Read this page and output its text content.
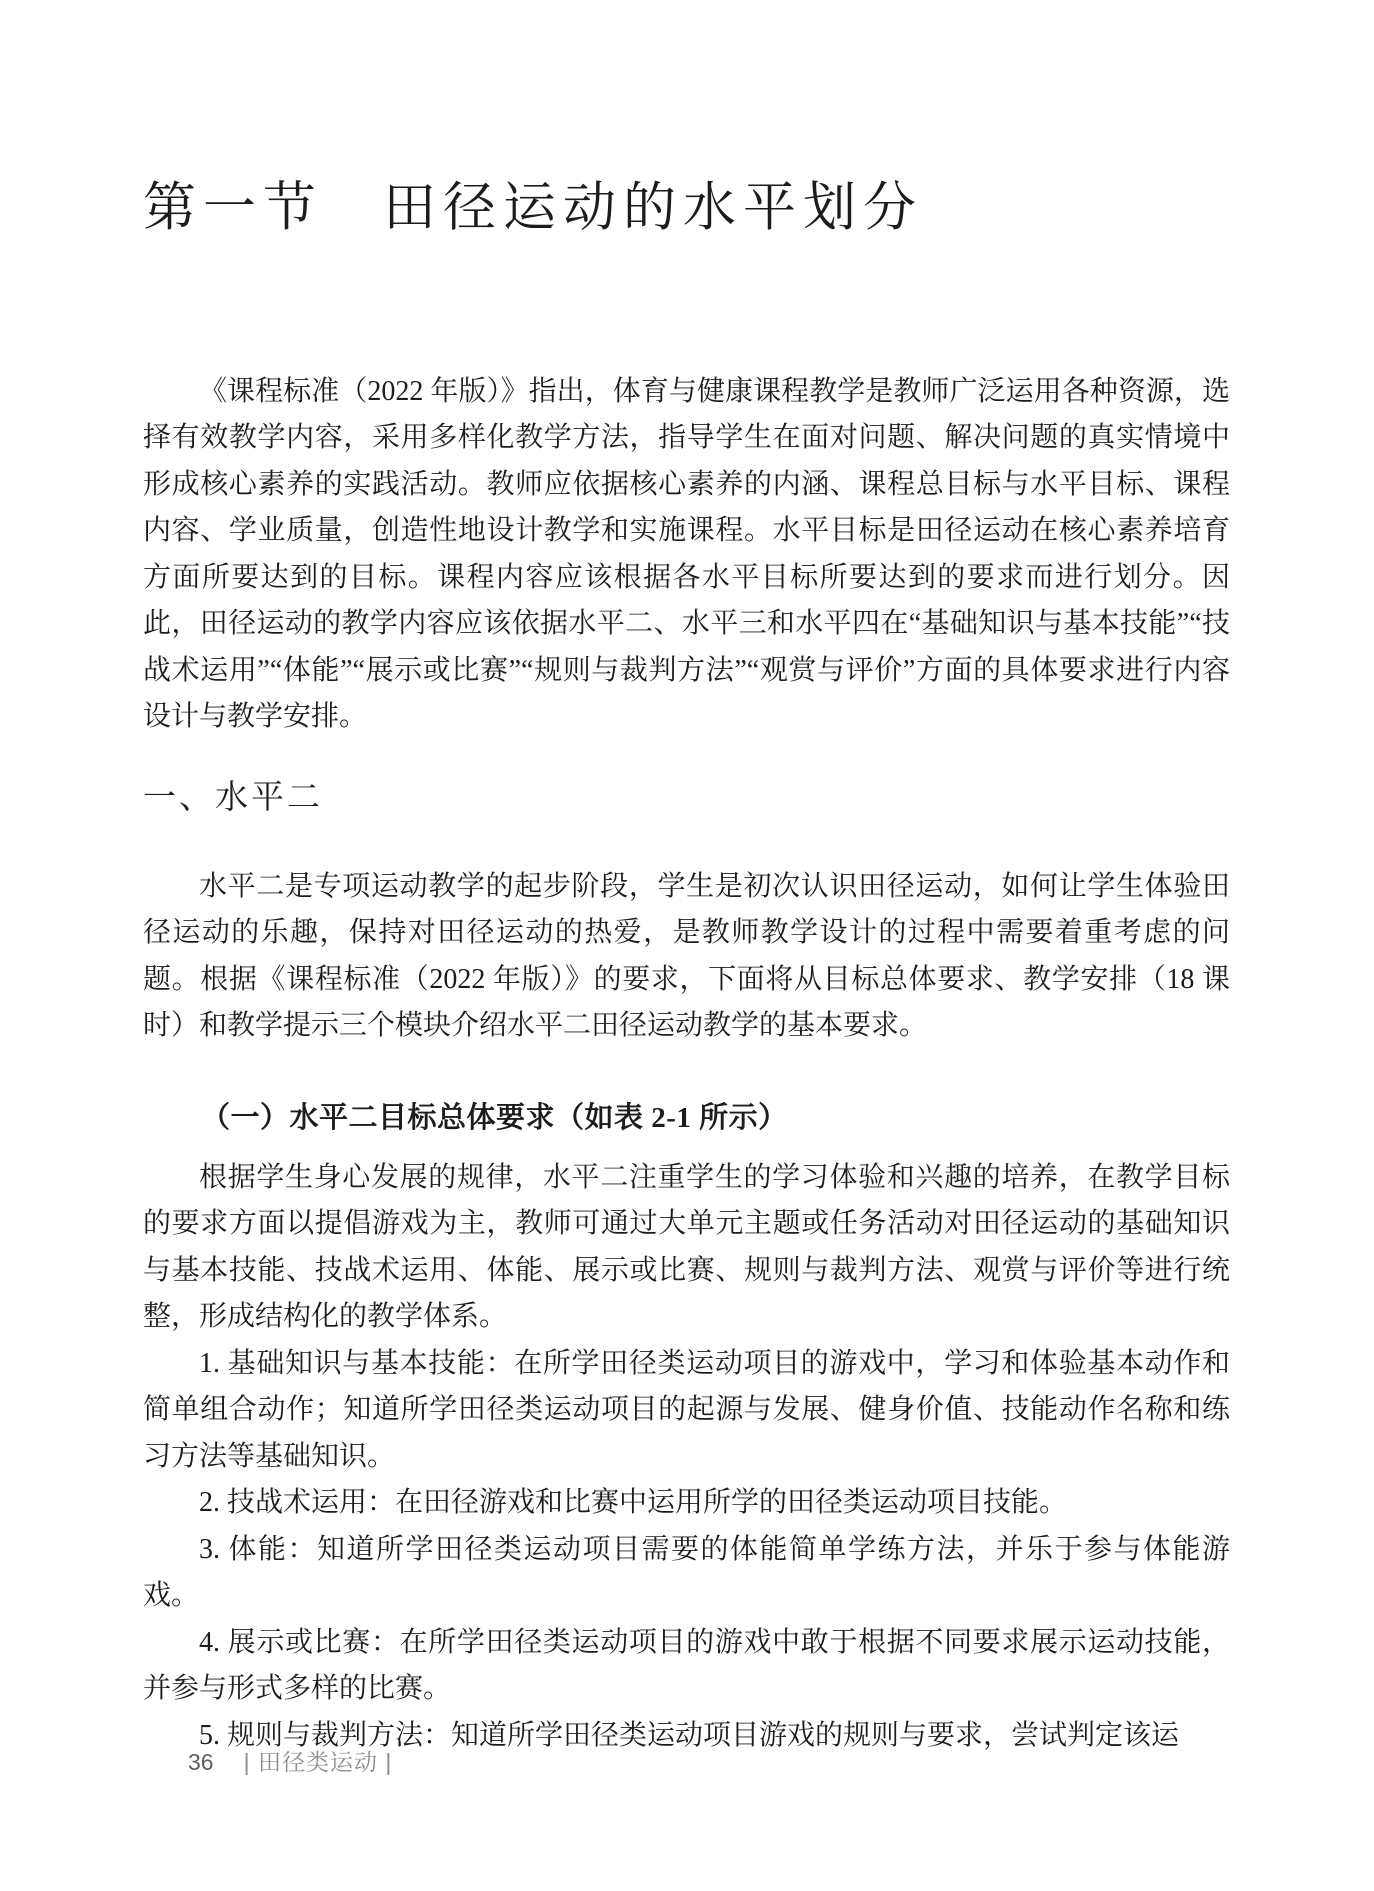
第一节　田径运动的水平划分

《课程标准（2022 年版）》指出，体育与健康课程教学是教师广泛运用各种资源，选择有效教学内容，采用多样化教学方法，指导学生在面对问题、解决问题的真实情境中形成核心素养的实践活动。教师应依据核心素养的内涵、课程总目标与水平目标、课程内容、学业质量，创造性地设计教学和实施课程。水平目标是田径运动在核心素养培育方面所要达到的目标。课程内容应该根据各水平目标所要达到的要求而进行划分。因此，田径运动的教学内容应该依据水平二、水平三和水平四在“基础知识与基本技能”“技战术运用”“体能”“展示或比赛”“规则与裁判方法”“观赏与评价”方面的具体要求进行内容设计与教学安排。

一、水平二

水平二是专项运动教学的起步阶段，学生是初次认识田径运动，如何让学生体验田径运动的乐趣，保持对田径运动的热爱，是教师教学设计的过程中需要着重考虑的问题。根据《课程标准（2022 年版）》的要求，下面将从目标总体要求、教学安排（18 课时）和教学提示三个模块介绍水平二田径运动教学的基本要求。

（一）水平二目标总体要求（如表 2-1 所示）

根据学生身心发展的规律，水平二注重学生的学习体验和兴趣的培养，在教学目标的要求方面以提倡游戏为主，教师可通过大单元主题或任务活动对田径运动的基础知识与基本技能、技战术运用、体能、展示或比赛、规则与裁判方法、观赏与评价等进行统整，形成结构化的教学体系。

1. 基础知识与基本技能：在所学田径类运动项目的游戏中，学习和体验基本动作和简单组合动作；知道所学田径类运动项目的起源与发展、健身价值、技能动作名称和练习方法等基础知识。

2. 技战术运用：在田径游戏和比赛中运用所学的田径类运动项目技能。

3. 体能：知道所学田径类运动项目需要的体能简单学练方法，并乐于参与体能游戏。

4. 展示或比赛：在所学田径类运动项目的游戏中敢于根据不同要求展示运动技能，并参与形式多样的比赛。

5. 规则与裁判方法：知道所学田径类运动项目游戏的规则与要求，尝试判定该运

36 | 田径类运动 |
